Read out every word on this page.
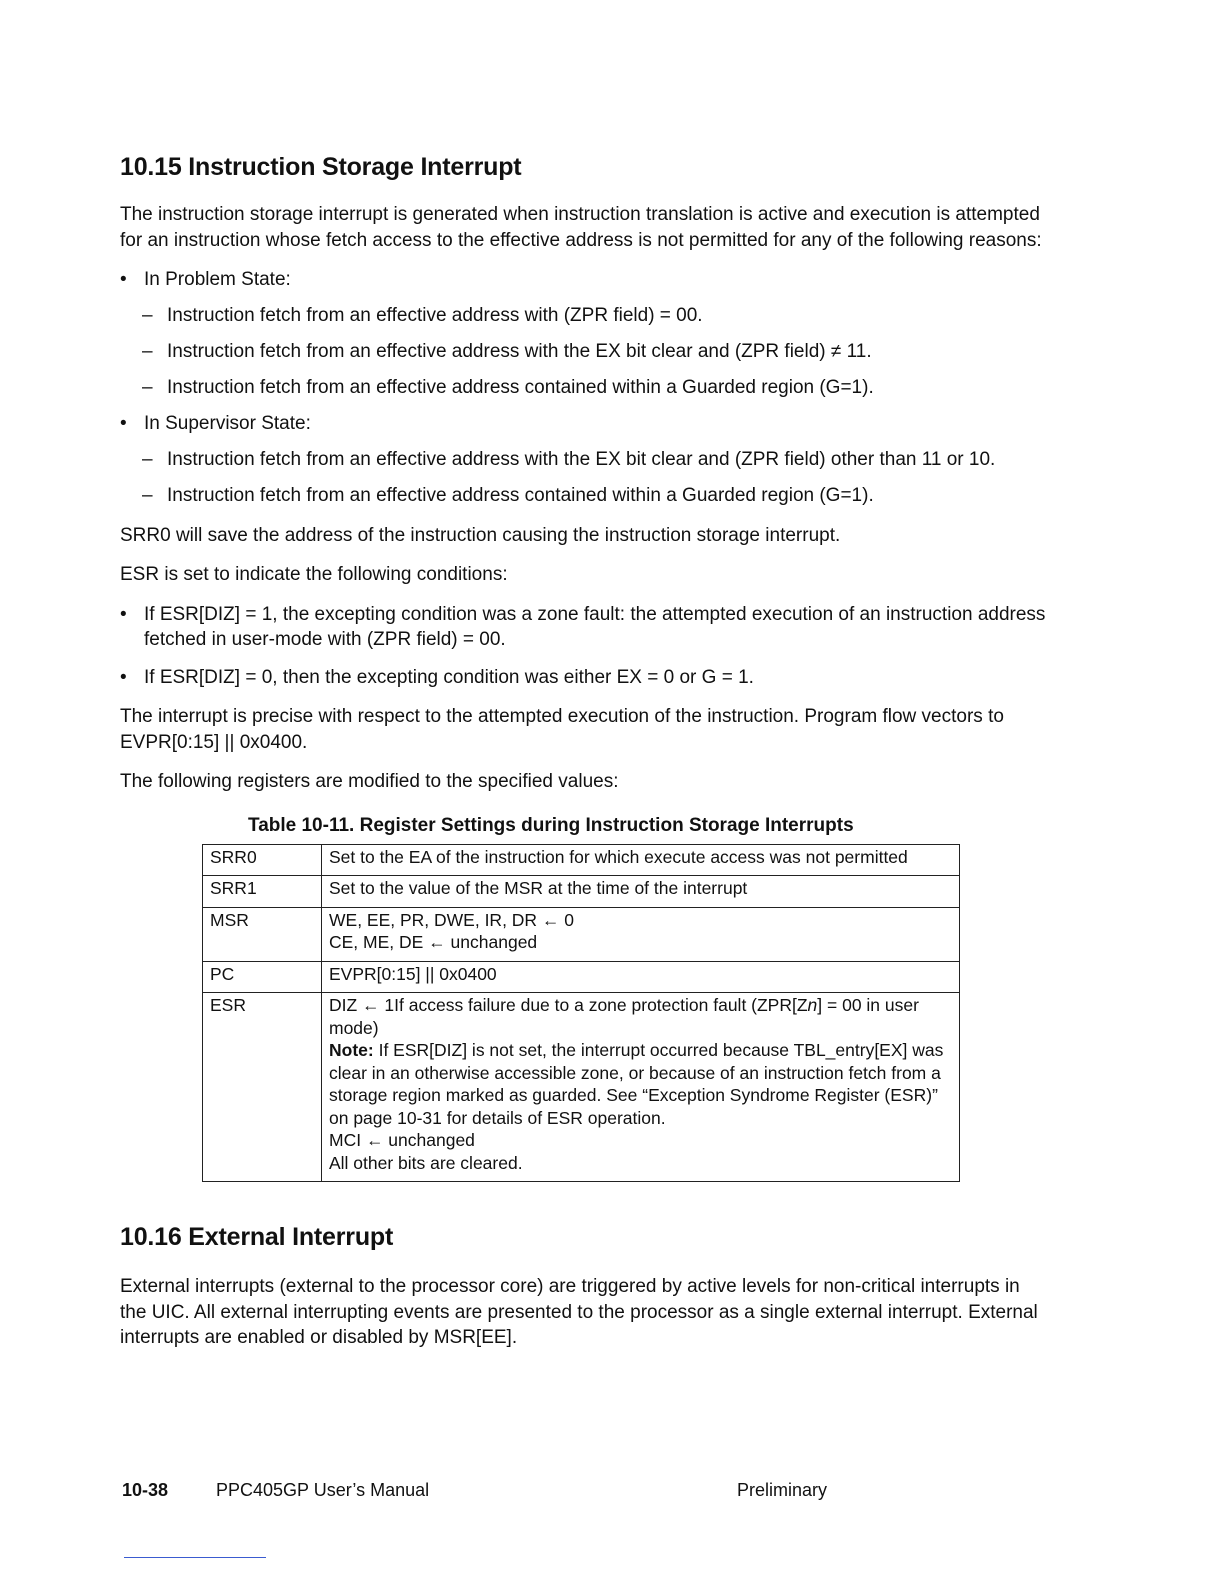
10.15 Instruction Storage Interrupt

The instruction storage interrupt is generated when instruction translation is active and execution is attempted for an instruction whose fetch access to the effective address is not permitted for any of the following reasons:

• In Problem State:
– Instruction fetch from an effective address with (ZPR field) = 00.
– Instruction fetch from an effective address with the EX bit clear and (ZPR field) ≠ 11.
– Instruction fetch from an effective address contained within a Guarded region (G=1).
• In Supervisor State:
– Instruction fetch from an effective address with the EX bit clear and (ZPR field) other than 11 or 10.
– Instruction fetch from an effective address contained within a Guarded region (G=1).

SRR0 will save the address of the instruction causing the instruction storage interrupt.

ESR is set to indicate the following conditions:

• If ESR[DIZ] = 1, the excepting condition was a zone fault: the attempted execution of an instruction address fetched in user-mode with (ZPR field) = 00.
• If ESR[DIZ] = 0, then the excepting condition was either EX = 0 or G = 1.

The interrupt is precise with respect to the attempted execution of the instruction. Program flow vectors to EVPR[0:15] || 0x0400.

The following registers are modified to the specified values:

Table 10-11. Register Settings during Instruction Storage Interrupts
SRR0	Set to the EA of the instruction for which execute access was not permitted

SRR1	Set to the value of the MSR at the time of the interrupt

MSR	WE, EE, PR, DWE, IR, DR ← 0
CE, ME, DE ← unchanged

PC	EVPR[0:15] || 0x0400

ESR	DIZ ← 1If access failure due to a zone protection fault (ZPR[Zn] = 00 in user mode)
Note: If ESR[DIZ] is not set, the interrupt occurred because TBL_entry[EX] was clear in an otherwise accessible zone, or because of an instruction fetch from a storage region marked as guarded. See “Exception Syndrome Register (ESR)” on page 10-31 for details of ESR operation.
MCI ← unchanged
All other bits are cleared.
10.16 External Interrupt

External interrupts (external to the processor core) are triggered by active levels for non-critical interrupts in the UIC. All external interrupting events are presented to the processor as a single external interrupt. External interrupts are enabled or disabled by MSR[EE].

10-38	PPC405GP User’s Manual	Preliminary
